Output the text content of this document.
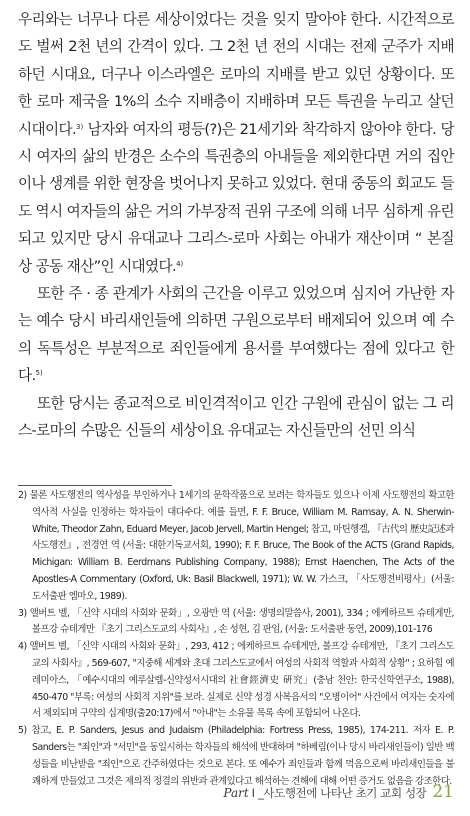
우리와는 너무나 다른 세상이었다는 것을 잊지 말아야 한다. 시간적으로 도 벌써 2천 년의 간격이 있다. 그 2천 년 전의 시대는 전제 군주가 지배 하던 시대요, 더구나 이스라엘은 로마의 지배를 받고 있던 상황이다. 또 한 로마 제국을 1%의 소수 지배층이 지배하며 모든 특권을 누리고 살던 시대이다.$^{3)}$ 남자와 여자의 평등(?)은 21세기와 착각하지 않아야 한다. 당 시 여자의 삶의 반경은 소수의 특권층의 아내들을 제외한다면 거의 집안 이나 생계를 위한 현장을 벗어나지 못하고 있었다. 현대 중동의 회교도 들도 역시 여자들의 삶은 거의 가부장적 권위 구조에 의해 너무 심하게 유린되고 있지만 당시 유대교나 그리스-로마 사회는 아내가 재산이며 “ 본질상 공동 재산”인 시대였다.$^{4)}$

또한 주 · 종 관계가 사회의 근간을 이루고 있었으며 심지어 가난한 자는 예수 당시 바리새인들에 의하면 구원으로부터 배제되어 있으며 예 수의 독특성은 부분적으로 죄인들에게 용서를 부여했다는 점에 있다고 한다.$^{5)}$

또한 당시는 종교적으로 비인격적이고 인간 구원에 관심이 없는 그 리스-로마의 수많은 신들의 세상이요 유대교는 자신들만의 선민 의식

2) 물론 사도행전의 역사성을 부인하거나 1세기의 문학작품으로 보려는 학자들도 있으나 이제 사도행전의 확고한 역사적 사실을 인정하는 학자들이 대다수다. 예를 들면, F. F. Bruce, William M. Ramsay, A. N. Sherwin-White, Theodor Zahn, Eduard Meyer, Jacob Jervell, Martin Hengel; 참고, 마틴헹겔, 『古代의 歷史記述과 사도행전』, 전경연 역 (서울: 대한기독교서회, 1990); F. F. Bruce, The Book of the ACTS (Grand Rapids, Michigan: William B. Eerdmans Publishing Company, 1988); Ernst Haenchen, The Acts of the Apostles-A Commentary (Oxford, Uk: Basil Blackwell, 1971); W. W. 가스크, 「사도행전비평사」(서울: 도서출판 엠마오, 1989).

3) 앨버트 벨, 「신약 시대의 사회와 문화」, 오광만 역 (서울: 생명의말씀사, 2001), 334 ; 에케하르트 슈테게만, 볼프강 슈테게만 『초기 그리스도교의 사회사』, 손 성현, 김 판임, (서울: 도서출판 동연, 2009),101-176

4) 앨버트 벨, 「신약 시대의 사회와 문화」, 293, 412 ; 에케하르트 슈테게만, 볼프강 슈테게만, 『초기 그리스도교의 사회사』, 569-607, "지중해 세계와 초대 그리스도교에서 여성의 사회적 역할과 사회적 상황" ; 요하힘 예레미아스, 「예수시대의 예루살렘-신약성서시대의 社會經濟史 硏究」(충남 천안: 한국신학연구소, 1988), 450-470 "부록: 여성의 사회적 지위"를 보라. 실제로 신약 성경 사복음서의 "오병이어" 사건에서 여자는 숫자에서 제외되며 구약의 십계명(출20:17)에서 "아내"는 소유물 목록 속에 포함되어 나온다.

5) 참고, E. P. Sanders, Jesus and Judaism (Philadelphia: Fortress Press, 1985), 174-211. 저자 E. P. Sanders는 "죄인"과 "서민"을 동일시하는 학자들의 해석에 반대하며 "하베림(이나 당시 바리새인들이) 일반 백성들을 비난받을 "죄인"으로 간주하였다는 것으로 본다. 또 예수가 죄인들과 함께 먹음으로써 바리새인들을 불쾌하게 만들었고 그것은 제의적 정결의 위반과 관계있다고 해석하는 견해에 대해 어떤 증거도 없음을 강조한다.

Part I _사도행전에 나타난 초기 교회 성장 21
